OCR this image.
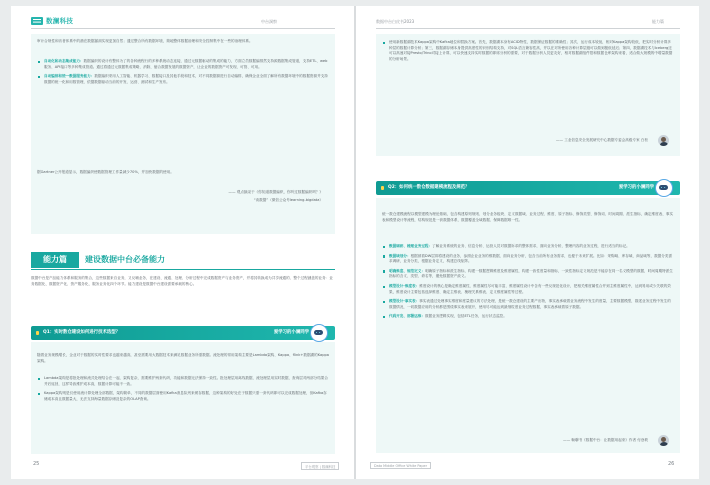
数澜科技	中台洞察
审计合规性和访者体系中的潜在数据漏洞实现更加自然；通过整合所有数据环境，简地整体数据治理和安全控制集中在一些的治理体系。
自动化和动态集成能力：数据编织的设计有整体为了的各种流程行的多种系统动态连接，通过元数据驱动的集成的能力，方面立员数据编排然支持源数据集成管道，支持ETL、web服务、API接口等多种集成管道。通过将通过元数据集成策略，消除、缩合数据发展的数据资产，让企业的数据资产可发现、可管、可用。
自动编排和统一数据服务能力：数据编织采用人工智能、机器学习、数据接口及其他手段和技术，对不同数据源进行自动编排，确保企业全面了解所有数据环境中的数据资源并支持数据的统一化和用数管理，依据数据驱动当前的开发、运营、测试和生产发布。
据Gartner公开报道显示，数据编织使数据管理工作量减少70%，并加快数据的使用。
—— 观点摘录于《你知道数据编织，你听过数据编织吗？》
“谈数据”（微信公众号learning-bigdata）
能力篇	建设数据中台必备能力
数据中台是产品能力体系和服务的集合，这些数据来自业务，又反哺业务，在建设、流通、处理、分析过程中完成数据资产与业务资产，并将其转换成为共享流通的、整个过程涵盖的业务：业务数据化、数据资产化、资产服务化、服务业务化四个环节。能力建设是数据中台建设需要承载的核心。
Q1：实时数仓建设如何进行技术选型？	爱学习的小澜同学
随着业务规模增长，企业对于数据的实时性要求也越来越高，甚至需要用大数据技术来满足数据业务所需数据。流处理的常用架构主要是Lambda架构、Kappa、flink+数据湖的Kappa架构。
Lambda架构是将批处理和流式处理结合在一起，架构复杂，需要维护两套代码，功能和数据无法保持一致性。批处理层用离线数据，流处理层用实时数据，查询层对两部分结果合并后返回，这样导致维护成本高，数据计算可能不一致。
Kappa架构则是仅使用流计算处理全部数据，架构简单，不同的数据层面使用Kafka消息队列来缓存数据，这种架构的好处在于数据只需一套代码即可以完成数据处理，但Kafka存储成本高且数据量大，无法支持海量数据存储及复杂的OLAP查询。
25	平台观察 | 数澜科技
数据中台白皮书2023	能力篇
使用新数据湖技术Kappa架构中Kafka地位和替换方案。首先，数据湖本身有ACID特性，数据保证数据的准确性；其次，运行成本较低，相对Kappa架构较低，把实时分析计算多种层的数据计算分析；第三，数据湖存储本身提供高度性的识别结构支持，对SQL语言兼容性高，并以在对所使用各种计算层级可以做到极低延迟；第四，数据湖技术与Iceberg还可以高速对接Presto/Trino对接上计算，可以快速支持实时数据的即席分析的需要，对于数据分析人员更友好，相对数据湖组件搭和数据仓库架构来看，适合做大规模的中增量数据的分析场景。
—— 工业信息安全发展研究中心数据专委会高级专家 白松
Q2：如何统一数仓数据建模流程及规范？	爱学习的小澜同学
统一数仓建模流程以模型建模为理论基础，包含构建原则规则、划分业务板块、定义数据域、业务过程、维度、原子指标、修饰类型、修饰词、时间周期、派生指标，确定维度表、事实表和模型设计等流程，结构规范是一套数据体系，数据覆盖全域数据、保障数据唯一性。
数据调研、梳理业务过程：了解业务系统的业务、信息分析、运营人员对数据诉求的整体需求，面向业务分析，整理内容的业务过程，进行适当的标记。
数据域划分：根据被看DW层即将建设的业务，参照企业业务的维数据，面向业务分析，包含当前所有业务需求，也便于未来扩展。比如：采购域、库存域、商品域等，数据分类需求调研，业务分类，根据业务定义，构建总线矩阵。
明确维度、规范定义：明确原子指标和派生指标，构建一数据逻辑维度及维度属性，构建一致性度量和指标，一致性指标定义规范是不能存在同一名义模型的数据，时间周期特派生指标的含义、类型、命名等，避免数据资产歧义。
模型设计-维度表：维度设计的核心是确定维度属性，维度属性尽可能丰富，维度属性设计中含有一些反规范化设计，把相关维度属性合并到主维度属性中，达到易用或少关联的效果，维度设计主要包括选择维度、确定主维表、梳理关系维表、定义维度属性等过程。
模型设计-事实表：事实表通过处理事实维度和度量建议的方法处理，是统一数仓建设的主要产出物，事实表承载着业务流程中发生的度量，主要数据模型，描述业务过程中发生的数据情况，一切数据应用的分析都是围绕事实表来展开，使用尽可能达到最细粒度业务过程数据，事实表承载着原子数据。
代码开发、部署运维：数据业务逻辑实现，包括ETL任务，运行状态监控。
—— 畅聊书《数据中台：让数据用起来》作者 付登坡
Data Middle Office White Paper	26
